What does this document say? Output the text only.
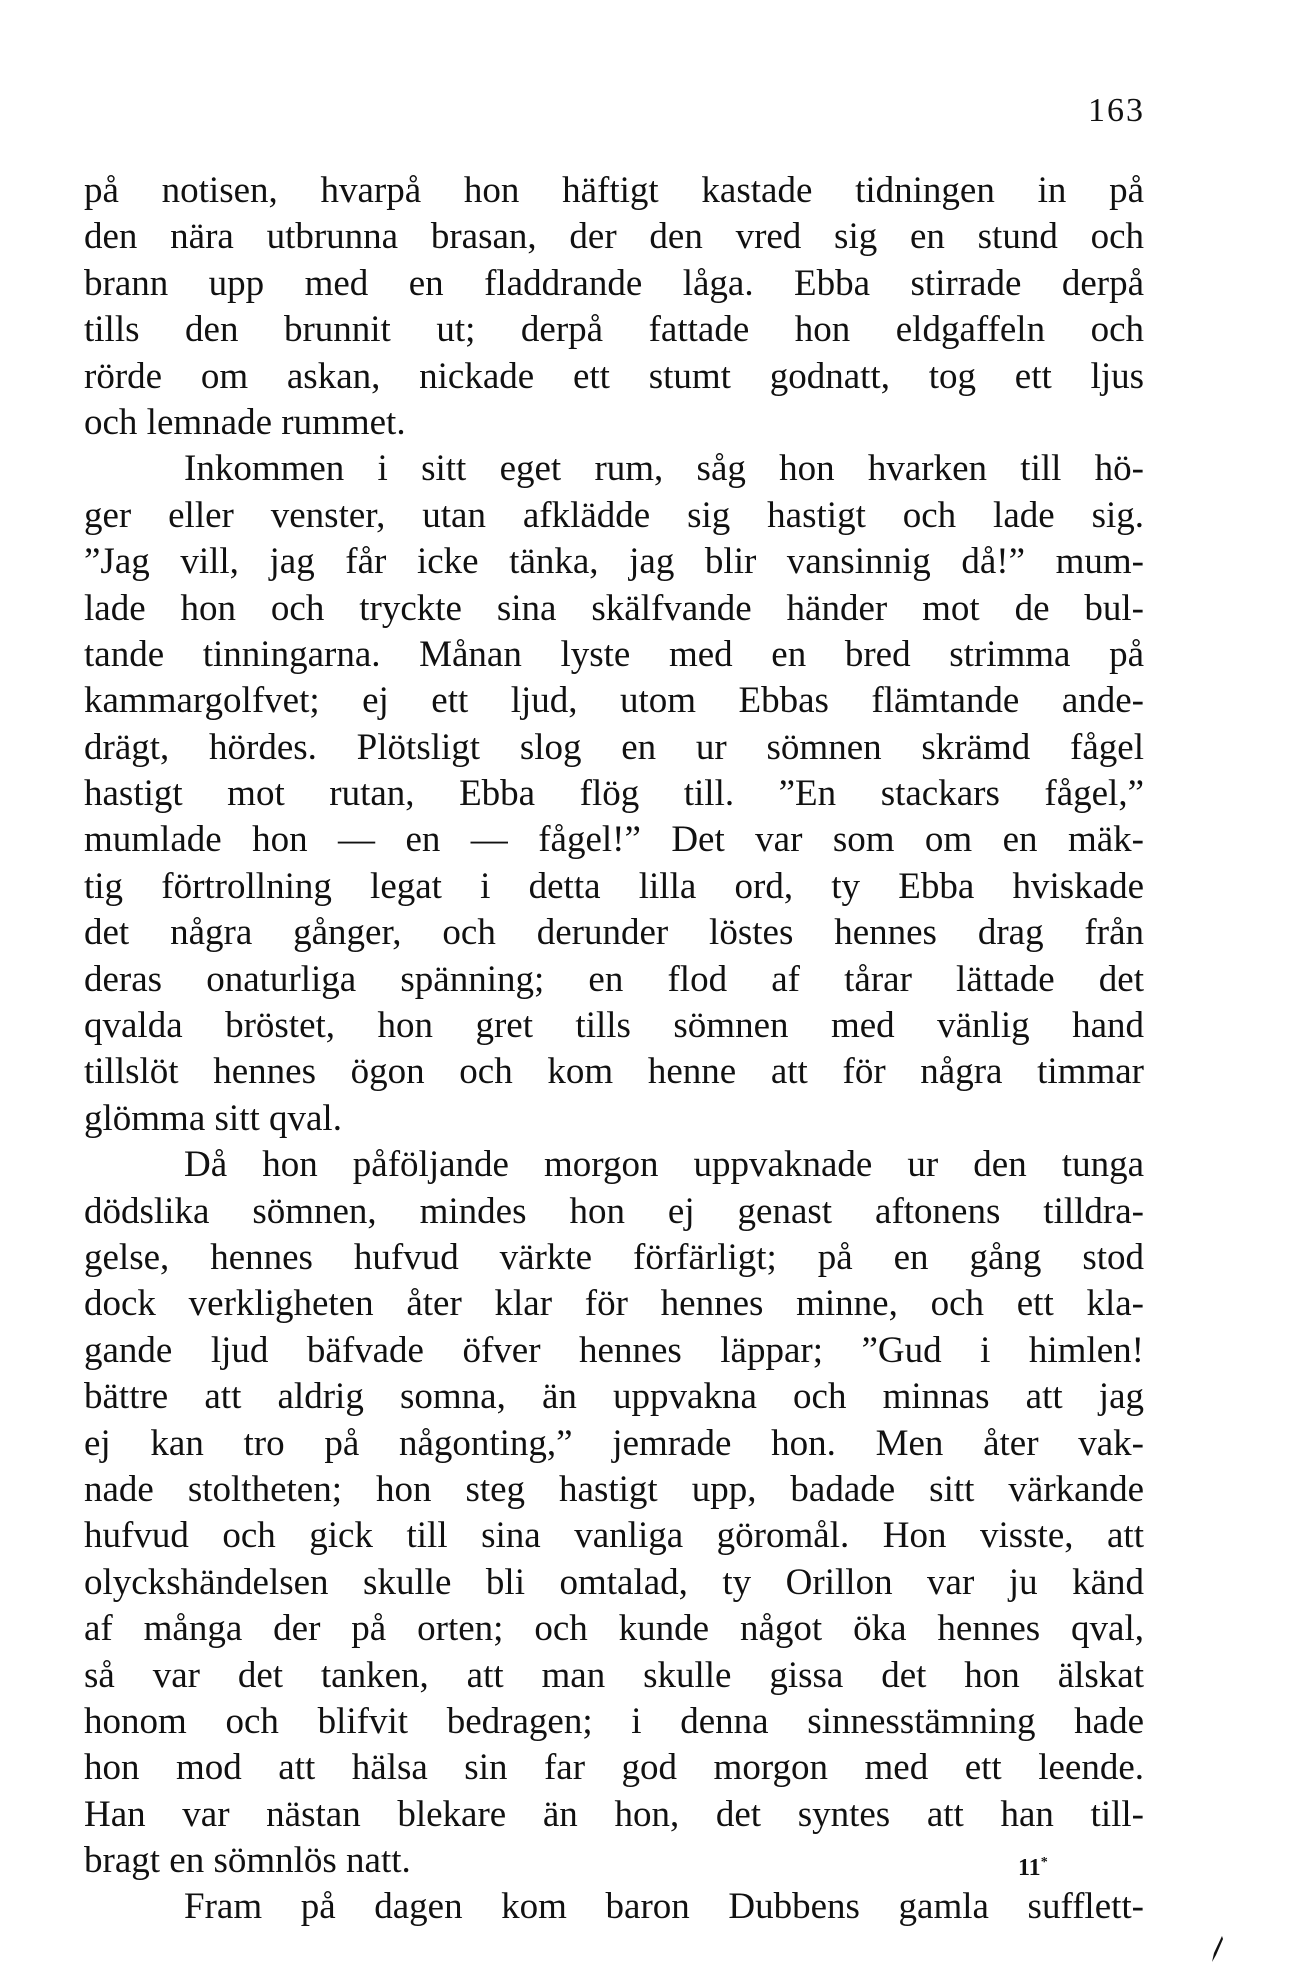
163
på notisen, hvarpå hon häftigt kastade tidningen in på
den nära utbrunna brasan, der den vred sig en stund och
brann upp med en fladdrande låga. Ebba stirrade derpå
tills den brunnit ut; derpå fattade hon eldgaffeln och
rörde om askan, nickade ett stumt godnatt, tog ett ljus
och lemnade rummet.
Inkommen i sitt eget rum, såg hon hvarken till hö-
ger eller venster, utan afklädde sig hastigt och lade sig.
”Jag vill, jag får icke tänka, jag blir vansinnig då!” mum-
lade hon och tryckte sina skälfvande händer mot de bul-
tande tinningarna. Månan lyste med en bred strimma på
kammargolfvet; ej ett ljud, utom Ebbas flämtande ande-
drägt, hördes. Plötsligt slog en ur sömnen skrämd fågel
hastigt mot rutan, Ebba flög till. ”En stackars fågel,”
mumlade hon — en — fågel!” Det var som om en mäk-
tig förtrollning legat i detta lilla ord, ty Ebba hviskade
det några gånger, och derunder löstes hennes drag från
deras onaturliga spänning; en flod af tårar lättade det
qvalda bröstet, hon gret tills sömnen med vänlig hand
tillslöt hennes ögon och kom henne att för några timmar
glömma sitt qval.
Då hon påföljande morgon uppvaknade ur den tunga
dödslika sömnen, mindes hon ej genast aftonens tilldra-
gelse, hennes hufvud värkte förfärligt; på en gång stod
dock verkligheten åter klar för hennes minne, och ett kla-
gande ljud bäfvade öfver hennes läppar; ”Gud i himlen!
bättre att aldrig somna, än uppvakna och minnas att jag
ej kan tro på någonting,” jemrade hon. Men åter vak-
nade stoltheten; hon steg hastigt upp, badade sitt värkande
hufvud och gick till sina vanliga göromål. Hon visste, att
olyckshändelsen skulle bli omtalad, ty Orillon var ju känd
af många der på orten; och kunde något öka hennes qval,
så var det tanken, att man skulle gissa det hon älskat
honom och blifvit bedragen; i denna sinnesstämning hade
hon mod att hälsa sin far god morgon med ett leende.
Han var nästan blekare än hon, det syntes att han till-
bragt en sömnlös natt.
Fram på dagen kom baron Dubbens gamla sufflett-
11*
